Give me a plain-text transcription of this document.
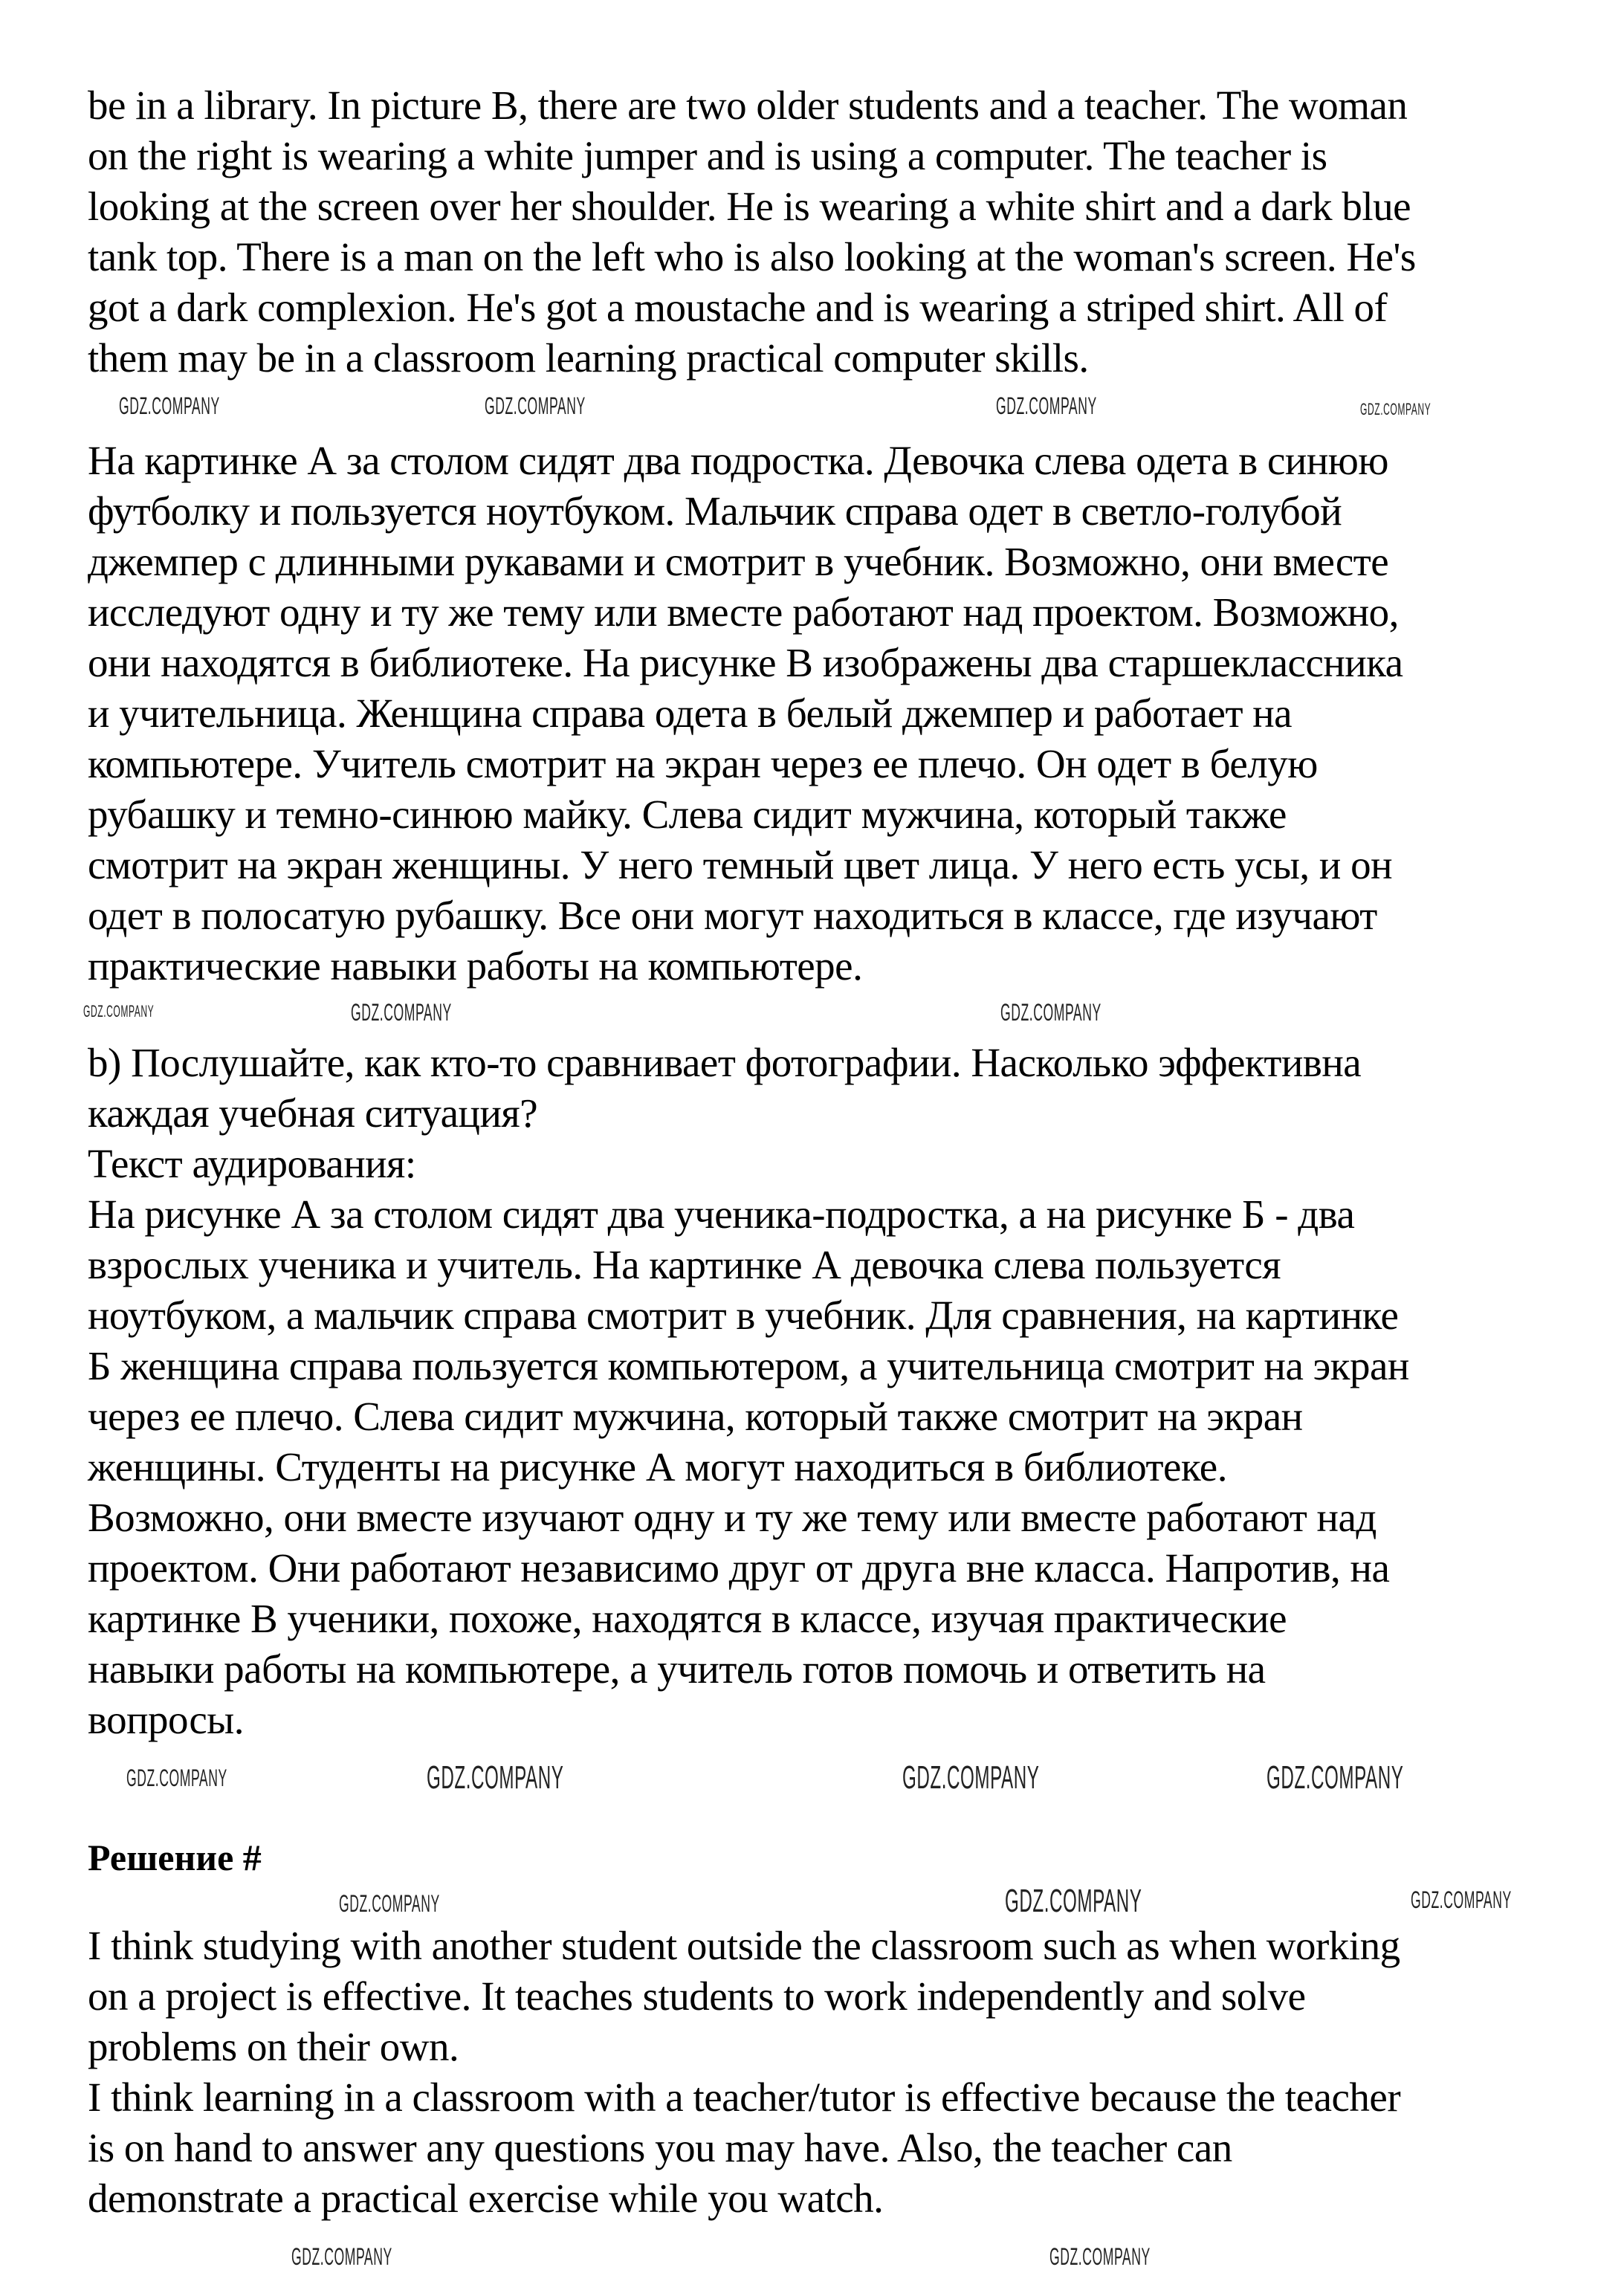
be in a library. In picture B, there are two older students and a teacher. The woman
on the right is wearing a white jumper and is using a computer. The teacher is
looking at the screen over her shoulder. He is wearing a white shirt and a dark blue
tank top. There is a man on the left who is also looking at the woman's screen. He's
got a dark complexion. He's got a moustache and is wearing a striped shirt. All of
them may be in a classroom learning practical computer skills.
На картинке А за столом сидят два подростка. Девочка слева одета в синюю
футболку и пользуется ноутбуком. Мальчик справа одет в светло-голубой
джемпер с длинными рукавами и смотрит в учебник. Возможно, они вместе
исследуют одну и ту же тему или вместе работают над проектом. Возможно,
они находятся в библиотеке. На рисунке В изображены два старшеклассника
и учительница. Женщина справа одета в белый джемпер и работает на
компьютере. Учитель смотрит на экран через ее плечо. Он одет в белую
рубашку и темно-синюю майку. Слева сидит мужчина, который также
смотрит на экран женщины. У него темный цвет лица. У него есть усы, и он
одет в полосатую рубашку. Все они могут находиться в классе, где изучают
практические навыки работы на компьютере.
b) Послушайте, как кто-то сравнивает фотографии. Насколько эффективна
каждая учебная ситуация?
Текст аудирования:
На рисунке А за столом сидят два ученика-подростка, а на рисунке Б - два
взрослых ученика и учитель. На картинке А девочка слева пользуется
ноутбуком, а мальчик справа смотрит в учебник. Для сравнения, на картинке
Б женщина справа пользуется компьютером, а учительница смотрит на экран
через ее плечо. Слева сидит мужчина, который также смотрит на экран
женщины. Студенты на рисунке А могут находиться в библиотеке.
Возможно, они вместе изучают одну и ту же тему или вместе работают над
проектом. Они работают независимо друг от друга вне класса. Напротив, на
картинке В ученики, похоже, находятся в классе, изучая практические
навыки работы на компьютере, а учитель готов помочь и ответить на
вопросы.
Решение #
I think studying with another student outside the classroom such as when working
on a project is effective. It teaches students to work independently and solve
problems on their own.
I think learning in a classroom with a teacher/tutor is effective because the teacher
is on hand to answer any questions you may have. Also, the teacher can
demonstrate a practical exercise while you watch.
GDZ.COMPANY	GDZ.COMPANY	GDZ.COMPANY	GDZ.COMPANY
GDZ.COMPANY	GDZ.COMPANY	GDZ.COMPANY
GDZ.COMPANY	GDZ.COMPANY	GDZ.COMPANY
GDZ.COMPANY
GDZ.COMPANY	GDZ.COMPANY	GDZ.COMPANY
GDZ.COMPANY	GDZ.COMPANY
